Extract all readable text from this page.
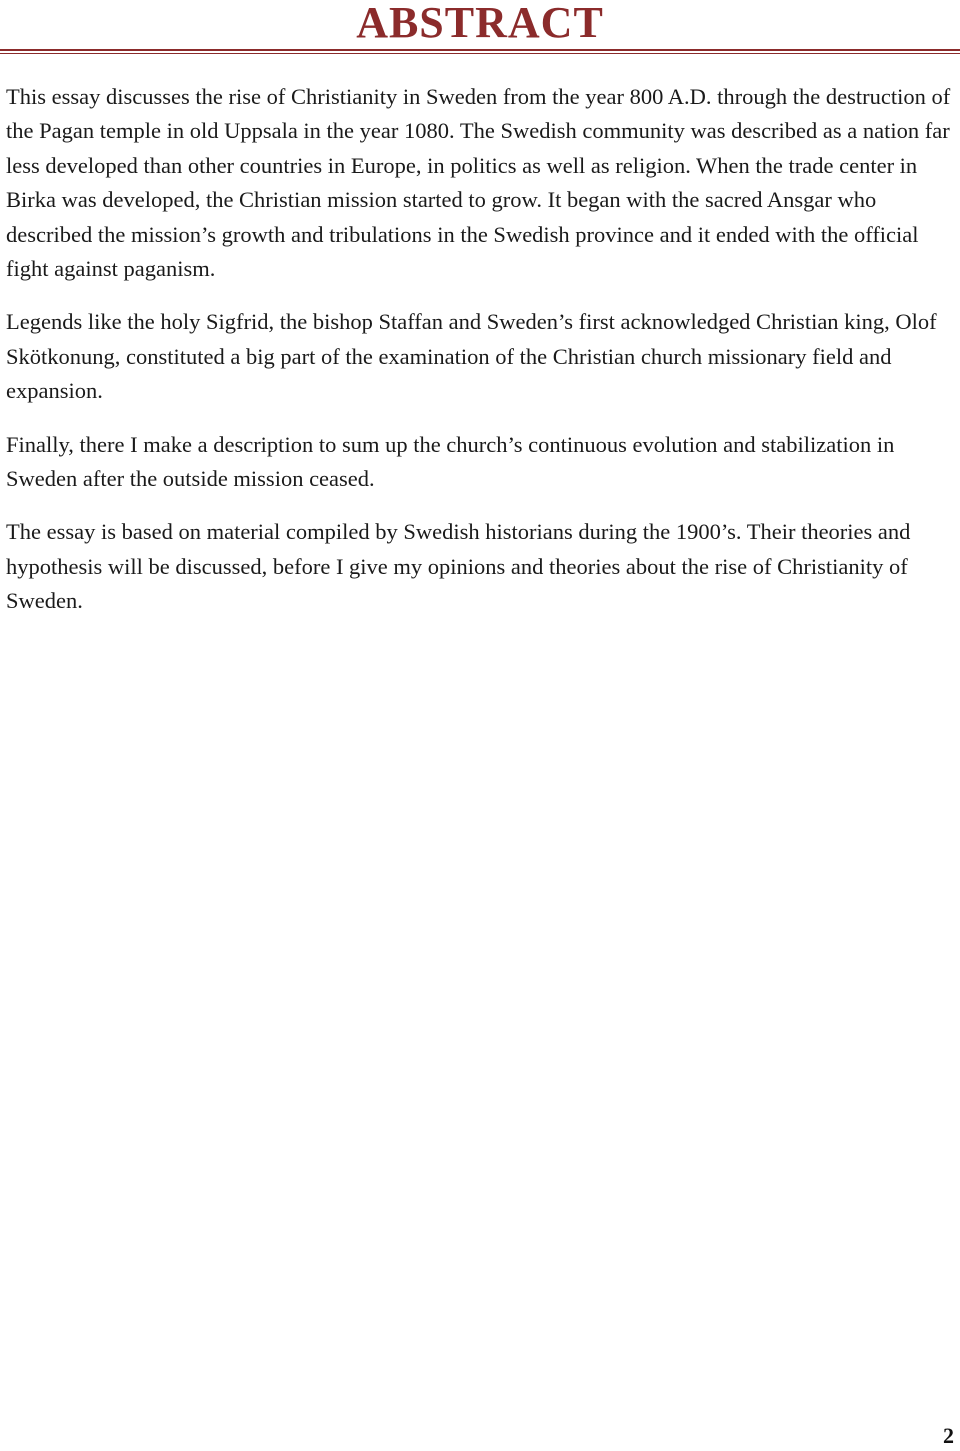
ABSTRACT

This essay discusses the rise of Christianity in Sweden from the year 800 A.D. through the destruction of the Pagan temple in old Uppsala in the year 1080. The Swedish community was described as a nation far less developed than other countries in Europe, in politics as well as religion. When the trade center in Birka was developed, the Christian mission started to grow. It began with the sacred Ansgar who described the mission’s growth and tribulations in the Swedish province and it ended with the official fight against paganism.

Legends like the holy Sigfrid, the bishop Staffan and Sweden’s first acknowledged Christian king, Olof Skötkonung, constituted a big part of the examination of the Christian church missionary field and expansion.

Finally, there I make a description to sum up the church’s continuous evolution and stabilization in Sweden after the outside mission ceased.

The essay is based on material compiled by Swedish historians during the 1900’s. Their theories and hypothesis will be discussed, before I give my opinions and theories about the rise of Christianity of Sweden.

2
